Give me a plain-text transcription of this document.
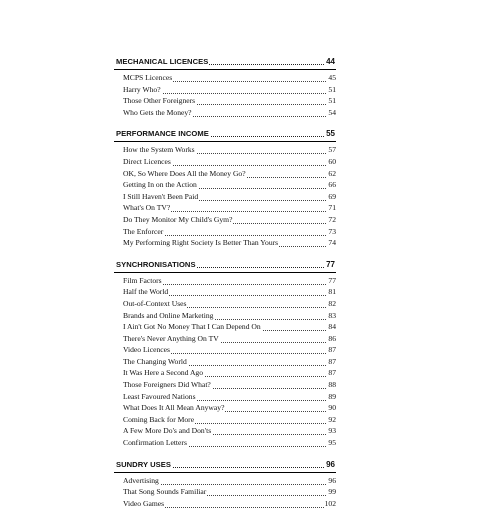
MECHANICAL LICENCES	44
MCPS Licences	45
Harry Who?	51
Those Other Foreigners	51
Who Gets the Money?	54
PERFORMANCE INCOME	55
How the System Works	57
Direct Licences	60
OK, So Where Does All the Money Go?	62
Getting In on the Action	66
I Still Haven't Been Paid	69
What's On TV?	71
Do They Monitor My Child's Gym?	72
The Enforcer	73
My Performing Right Society Is Better Than Yours	74
SYNCHRONISATIONS	77
Film Factors	77
Half the World	81
Out-of-Context Uses	82
Brands and Online Marketing	83
I Ain't Got No Money That I Can Depend On	84
There's Never Anything On TV	86
Video Licences	87
The Changing World	87
It Was Here a Second Ago	87
Those Foreigners Did What?	88
Least Favoured Nations	89
What Does It All Mean Anyway?	90
Coming Back for More	92
A Few More Do's and Don'ts	93
Confirmation Letters	95
SUNDRY USES	96
Advertising	96
That Song Sounds Familiar	99
Video Games	102
